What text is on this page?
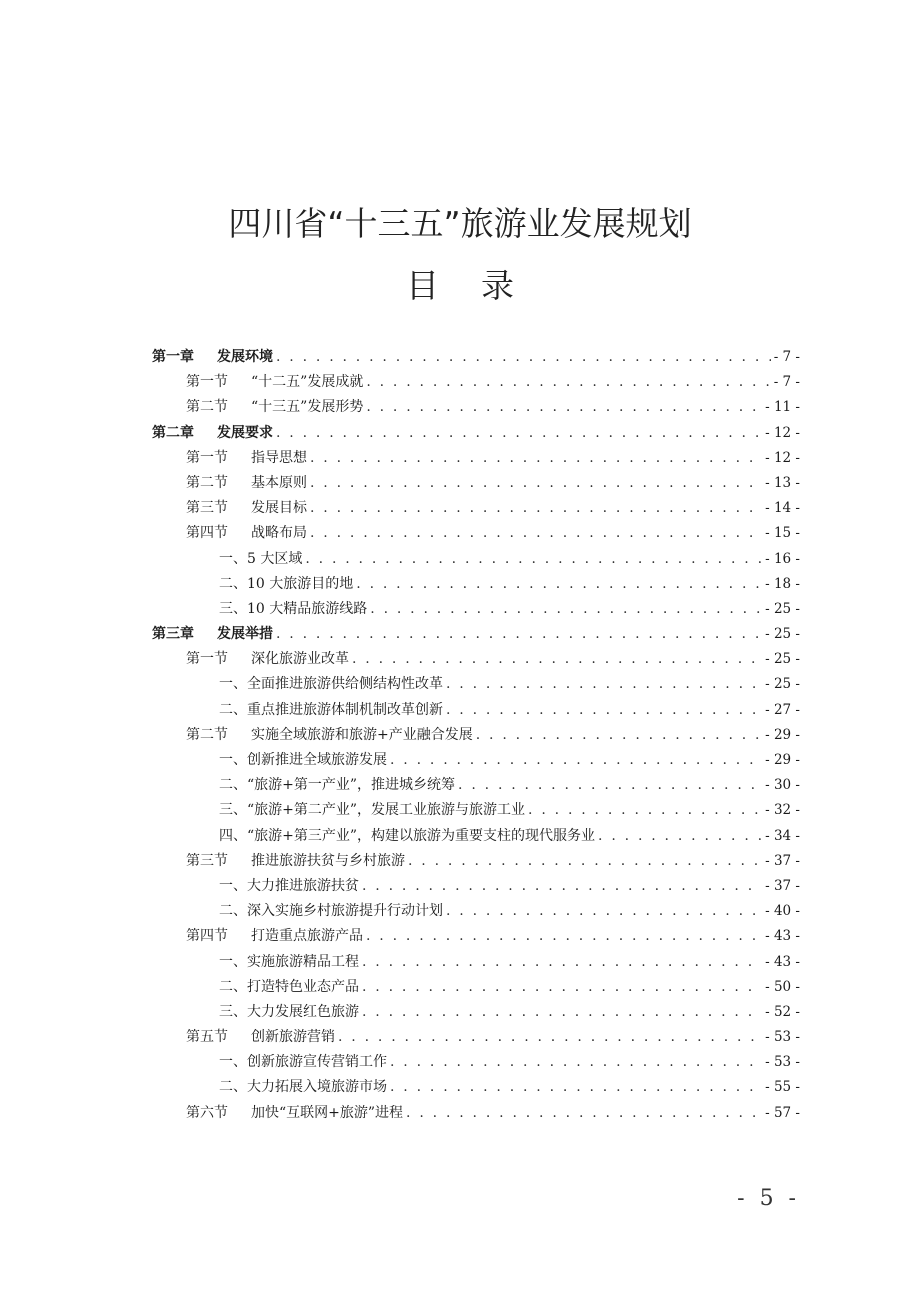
四川省“十三五”旅游业发展规划
目录
第一章 发展环境 . . .	- 7 -
第一节 “十二五”发展成就 . . .	- 7 -
第二节 “十三五”发展形势 . . .	- 11 -
第二章 发展要求 . . .	- 12 -
第一节 指导思想 . . .	- 12 -
第二节 基本原则 . . .	- 13 -
第三节 发展目标 . . .	- 14 -
第四节 战略布局 . . .	- 15 -
一、5 大区域 . . .	- 16 -
二、10 大旅游目的地 . . .	- 18 -
三、10 大精品旅游线路 . . .	- 25 -
第三章 发展举措 . . .	- 25 -
第一节 深化旅游业改革 . . .	- 25 -
一、全面推进旅游供给侧结构性改革 . . .	- 25 -
二、重点推进旅游体制机制改革创新 . . .	- 27 -
第二节 实施全域旅游和旅游+产业融合发展 . . .	- 29 -
一、创新推进全域旅游发展 . . .	- 29 -
二、“旅游+第一产业”，推进城乡统筹 . . .	- 30 -
三、“旅游+第二产业”，发展工业旅游与旅游工业 . . .	- 32 -
四、“旅游+第三产业”，构建以旅游为重要支柱的现代服务业 . . .	- 34 -
第三节 推进旅游扶贫与乡村旅游 . . .	- 37 -
一、大力推进旅游扶贫 . . .	- 37 -
二、深入实施乡村旅游提升行动计划 . . .	- 40 -
第四节 打造重点旅游产品 . . .	- 43 -
一、实施旅游精品工程 . . .	- 43 -
二、打造特色业态产品 . . .	- 50 -
三、大力发展红色旅游 . . .	- 52 -
第五节 创新旅游营销 . . .	- 53 -
一、创新旅游宣传营销工作 . . .	- 53 -
二、大力拓展入境旅游市场 . . .	- 55 -
第六节 加快“互联网+旅游”进程 . . .	- 57 -
- 5 -
